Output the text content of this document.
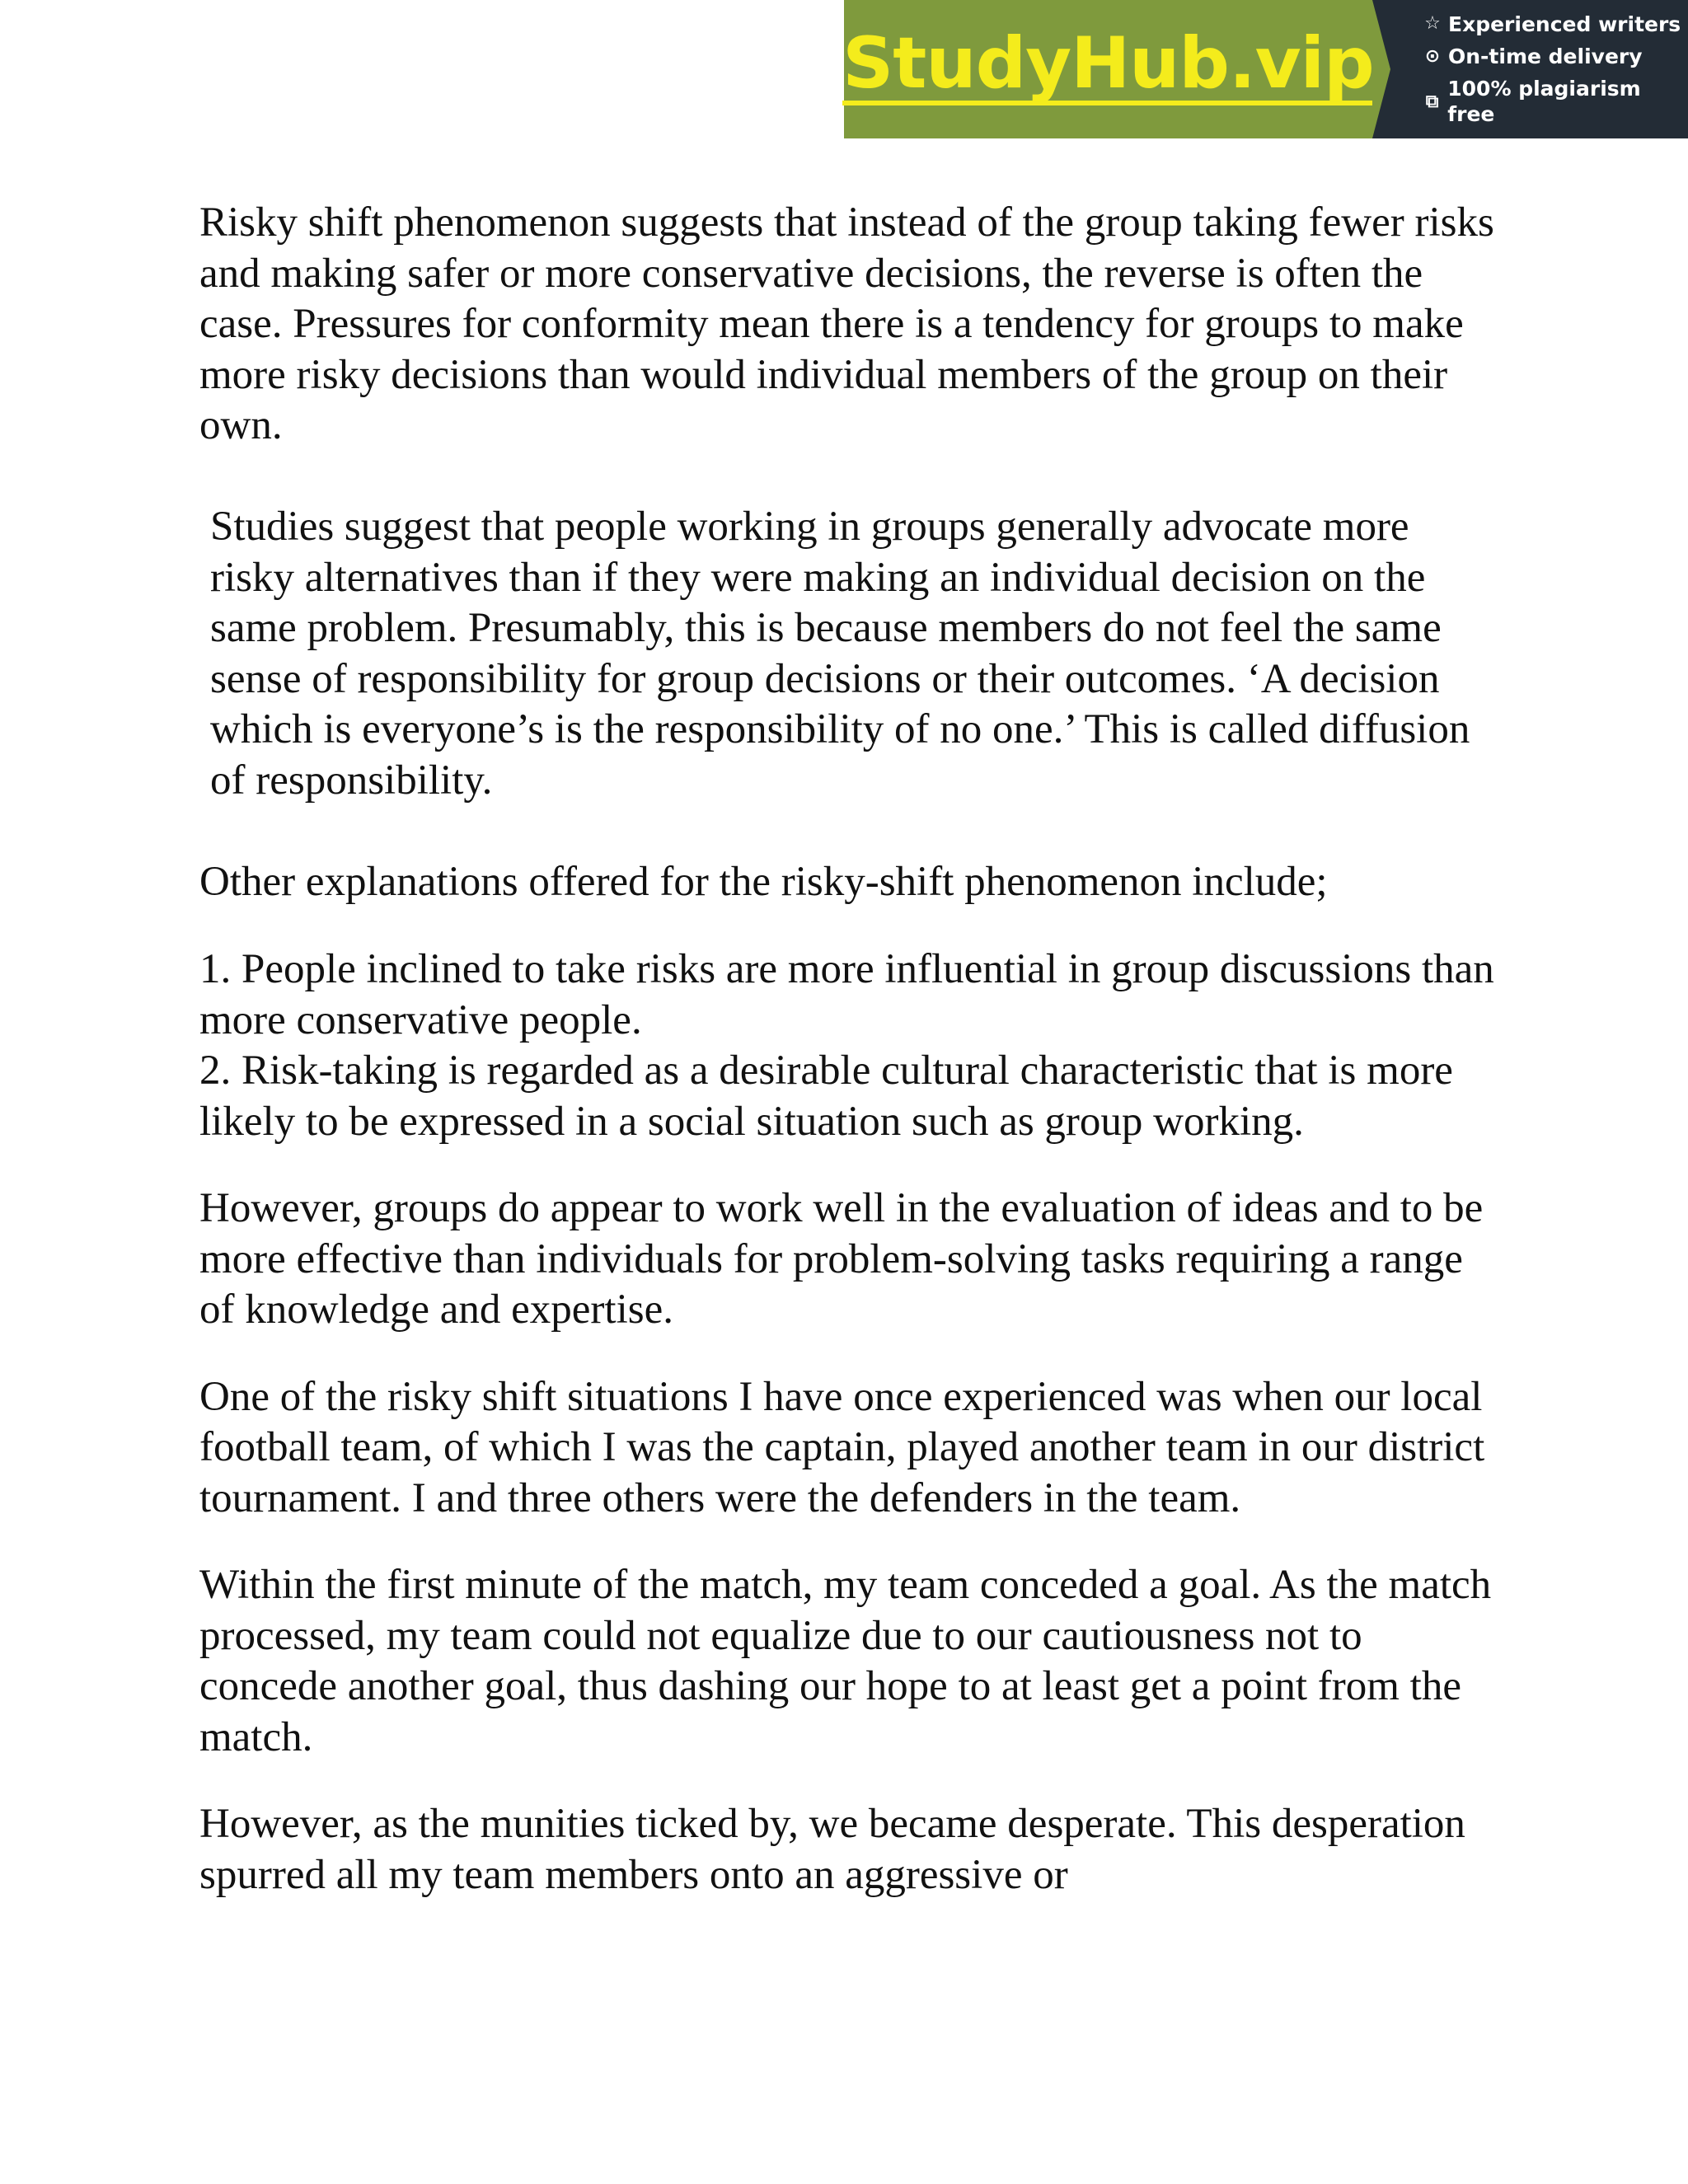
StudyHub.vip	☆ Experienced writers
⊙ On-time delivery
⧉
100% plagiarism free

Risky shift phenomenon suggests that instead of the group taking fewer risks and making safer or more conservative decisions, the reverse is often the case. Pressures for conformity mean there is a tendency for groups to make more risky decisions than would individual members of the group on their own.

Studies suggest that people working in groups generally advocate more risky alternatives than if they were making an individual decision on the same problem. Presumably, this is because members do not feel the same sense of responsibility for group decisions or their outcomes. ‘A decision which is everyone’s is the responsibility of no one.’ This is called diffusion of responsibility.

Other explanations offered for the risky-shift phenomenon include;

1. People inclined to take risks are more influential in group discussions than more conservative people.

2. Risk-taking is regarded as a desirable cultural characteristic that is more likely to be expressed in a social situation such as group working.

However, groups do appear to work well in the evaluation of ideas and to be more effective than individuals for problem-solving tasks requiring a range of knowledge and expertise.

One of the risky shift situations I have once experienced was when our local football team, of which I was the captain, played another team in our district tournament. I and three others were the defenders in the team.

Within the first minute of the match, my team conceded a goal. As the match processed, my team could not equalize due to our cautiousness not to concede another goal, thus dashing our hope to at least get a point from the match.

However, as the munities ticked by, we became desperate. This desperation spurred all my team members onto an aggressive or
